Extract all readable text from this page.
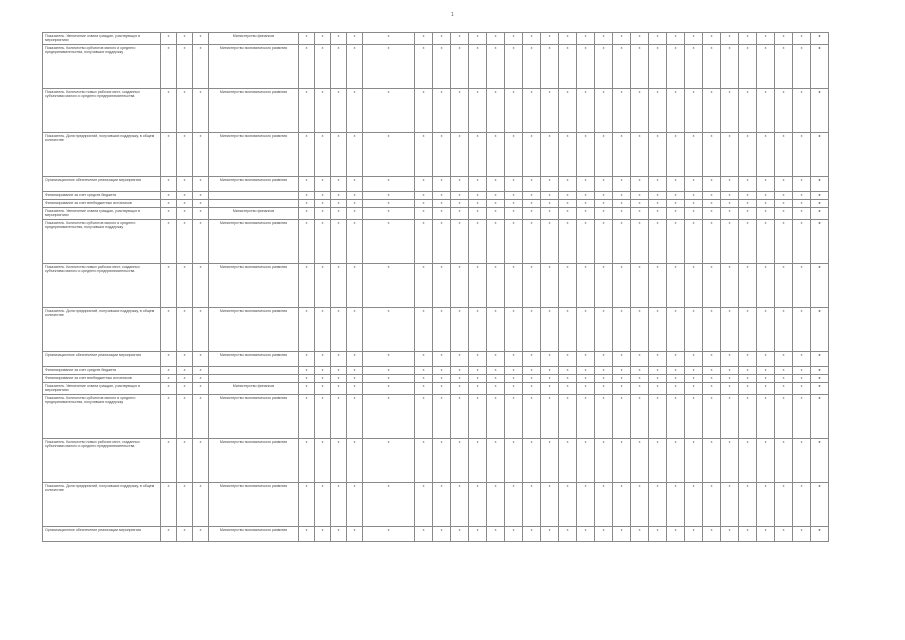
1
Показатель. Увеличение охвата граждан, участвующих в мероприятиях	x	x	x	Министерство финансов	x	x	x	x	x	x	x	x	x	x	x	x	x	x	x	x	x	x	x	x	x	x	x	x	x	x	x	x
Показатель. Количество субъектов малого и среднего предпринимательства, получивших поддержку	x	x	x	Министерство экономического развития	x	x	x	x	x	x	x	x	x	x	x	x	x	x	x	x	x	x	x	x	x	x	x	x	x	x	x	x
Показатель. Количество новых рабочих мест, созданных субъектами малого и среднего предпринимательства	x	x	x	Министерство экономического развития	x	x	x	x	x	x	x	x	x	x	x	x	x	x	x	x	x	x	x	x	x	x	x	x	x	x	x	x
Показатель. Доля предприятий, получивших поддержку, в общем количестве	x	x	x	Министерство экономического развития	x	x	x	x	x	x	x	x	x	x	x	x	x	x	x	x	x	x	x	x	x	x	x	x	x	x	x	x
Организационное обеспечение реализации мероприятия	x	x	x	Министерство экономического развития	x	x	x	x	x	x	x	x	x	x	x	x	x	x	x	x	x	x	x	x	x	x	x	x	x	x	x	x
Финансирование за счет средств бюджета	x	x	x		x	x	x	x	x	x	x	x	x	x	x	x	x	x	x	x	x	x	x	x	x	x	x	x	x	x	x	x
Финансирование за счет внебюджетных источников	x	x	x		x	x	x	x	x	x	x	x	x	x	x	x	x	x	x	x	x	x	x	x	x	x	x	x	x	x	x	x
Показатель. Увеличение охвата граждан, участвующих в мероприятиях	x	x	x	Министерство финансов	x	x	x	x	x	x	x	x	x	x	x	x	x	x	x	x	x	x	x	x	x	x	x	x	x	x	x	x
Показатель. Количество субъектов малого и среднего предпринимательства, получивших поддержку	x	x	x	Министерство экономического развития	x	x	x	x	x	x	x	x	x	x	x	x	x	x	x	x	x	x	x	x	x	x	x	x	x	x	x	x
Показатель. Количество новых рабочих мест, созданных субъектами малого и среднего предпринимательства	x	x	x	Министерство экономического развития	x	x	x	x	x	x	x	x	x	x	x	x	x	x	x	x	x	x	x	x	x	x	x	x	x	x	x	x
Показатель. Доля предприятий, получивших поддержку, в общем количестве	x	x	x	Министерство экономического развития	x	x	x	x	x	x	x	x	x	x	x	x	x	x	x	x	x	x	x	x	x	x	x	x	x	x	x	x
Организационное обеспечение реализации мероприятия	x	x	x	Министерство экономического развития	x	x	x	x	x	x	x	x	x	x	x	x	x	x	x	x	x	x	x	x	x	x	x	x	x	x	x	x
Финансирование за счет средств бюджета	x	x	x		x	x	x	x	x	x	x	x	x	x	x	x	x	x	x	x	x	x	x	x	x	x	x	x	x	x	x	x
Финансирование за счет внебюджетных источников	x	x	x		x	x	x	x	x	x	x	x	x	x	x	x	x	x	x	x	x	x	x	x	x	x	x	x	x	x	x	x
Показатель. Увеличение охвата граждан, участвующих в мероприятиях	x	x	x	Министерство финансов	x	x	x	x	x	x	x	x	x	x	x	x	x	x	x	x	x	x	x	x	x	x	x	x	x	x	x	x
Показатель. Количество субъектов малого и среднего предпринимательства, получивших поддержку	x	x	x	Министерство экономического развития	x	x	x	x	x	x	x	x	x	x	x	x	x	x	x	x	x	x	x	x	x	x	x	x	x	x	x	x
Показатель. Количество новых рабочих мест, созданных субъектами малого и среднего предпринимательства	x	x	x	Министерство экономического развития	x	x	x	x	x	x	x	x	x	x	x	x	x	x	x	x	x	x	x	x	x	x	x	x	x	x	x	x
Показатель. Доля предприятий, получивших поддержку, в общем количестве	x	x	x	Министерство экономического развития	x	x	x	x	x	x	x	x	x	x	x	x	x	x	x	x	x	x	x	x	x	x	x	x	x	x	x	x
Организационное обеспечение реализации мероприятия	x	x	x	Министерство экономического развития	x	x	x	x	x	x	x	x	x	x	x	x	x	x	x	x	x	x	x	x	x	x	x	x	x	x	x	x
